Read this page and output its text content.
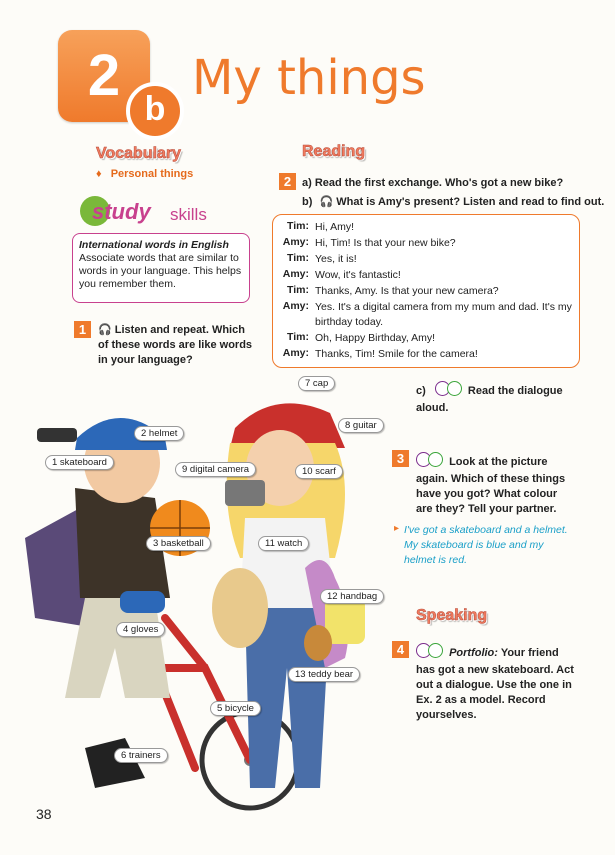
2
b
My things
Vocabulary
♦ Personal things
study skills
International words in English
Associate words that are similar to words in your language. This helps you remember them.
1	🎧 Listen and repeat. Which of these words are like words in your language?
Reading
2 a) Read the first exchange. Who's got a new bike?
b) 🎧 What is Amy's present? Listen and read to find out.
Tim: Hi, Amy!
Amy: Hi, Tim! Is that your new bike?
Tim: Yes, it is!
Amy: Wow, it's fantastic!
Tim: Thanks, Amy. Is that your new camera?
Amy: Yes. It's a digital camera from my mum and dad. It's my birthday today.
Tim: Oh, Happy Birthday, Amy!
Amy: Thanks, Tim! Smile for the camera!
c)	Read the dialogue aloud.
3	Look at the picture again. Which of these things have you got? What colour are they? Tell your partner.
▸ I've got a skateboard and a helmet. My skateboard is blue and my helmet is red.
Speaking
4	Portfolio: Your friend has got a new skateboard. Act out a dialogue. Use the one in Ex. 2 as a model. Record yourselves.
1 skateboard
2 helmet
3 basketball
4 gloves
5 bicycle
6 trainers
7 cap
8 guitar
9 digital camera	10 scarf
11 watch
12 handbag
13 teddy bear
38
